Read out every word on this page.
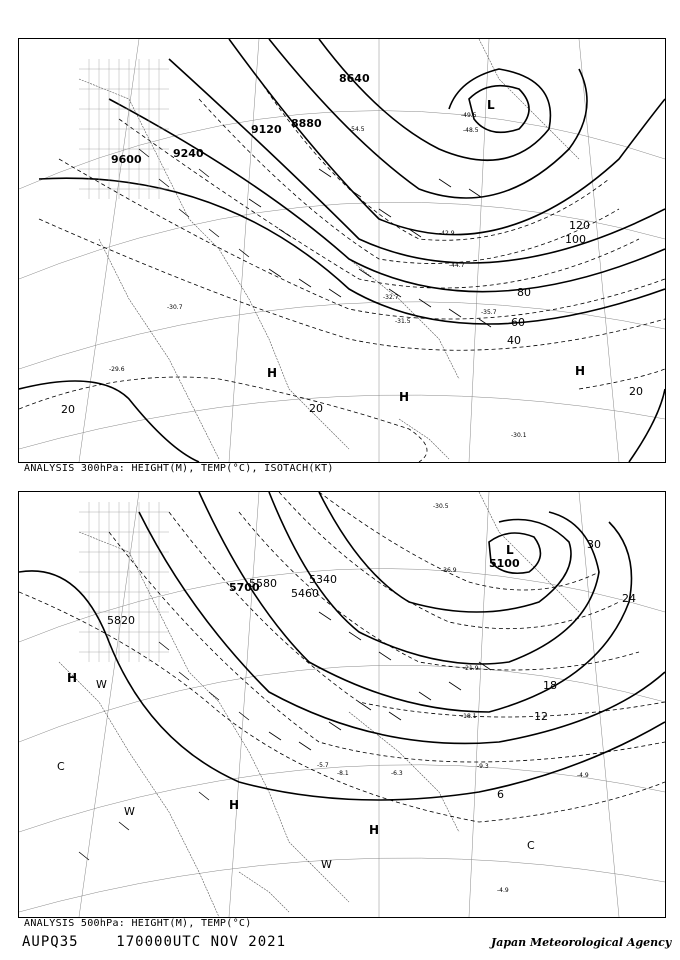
9600	9240
9120 8880
8640
20	20
20
40
60
80
100
120
L
H
H
H
-30.1
-32.7
-31.5
-30.7
-35.7
-44.7
-42.9
-49.5
-54.5	-48.5
-29.6
ANALYSIS 300hPa: HEIGHT(M), TEMP(°C), ISOTACH(KT)
5820
5700
5580
5460
5340
5100
30
24
18
12
6
L
H
H
H
W
W
W
C
C
-9.3
-4.9
-6.3
-4.9
-8.1
-5.7
-21.9
-18.1
-36.9
-30.5
ANALYSIS 500hPa: HEIGHT(M), TEMP(°C)
AUPQ35	170000UTC NOV 2021	Japan Meteorological Agency
